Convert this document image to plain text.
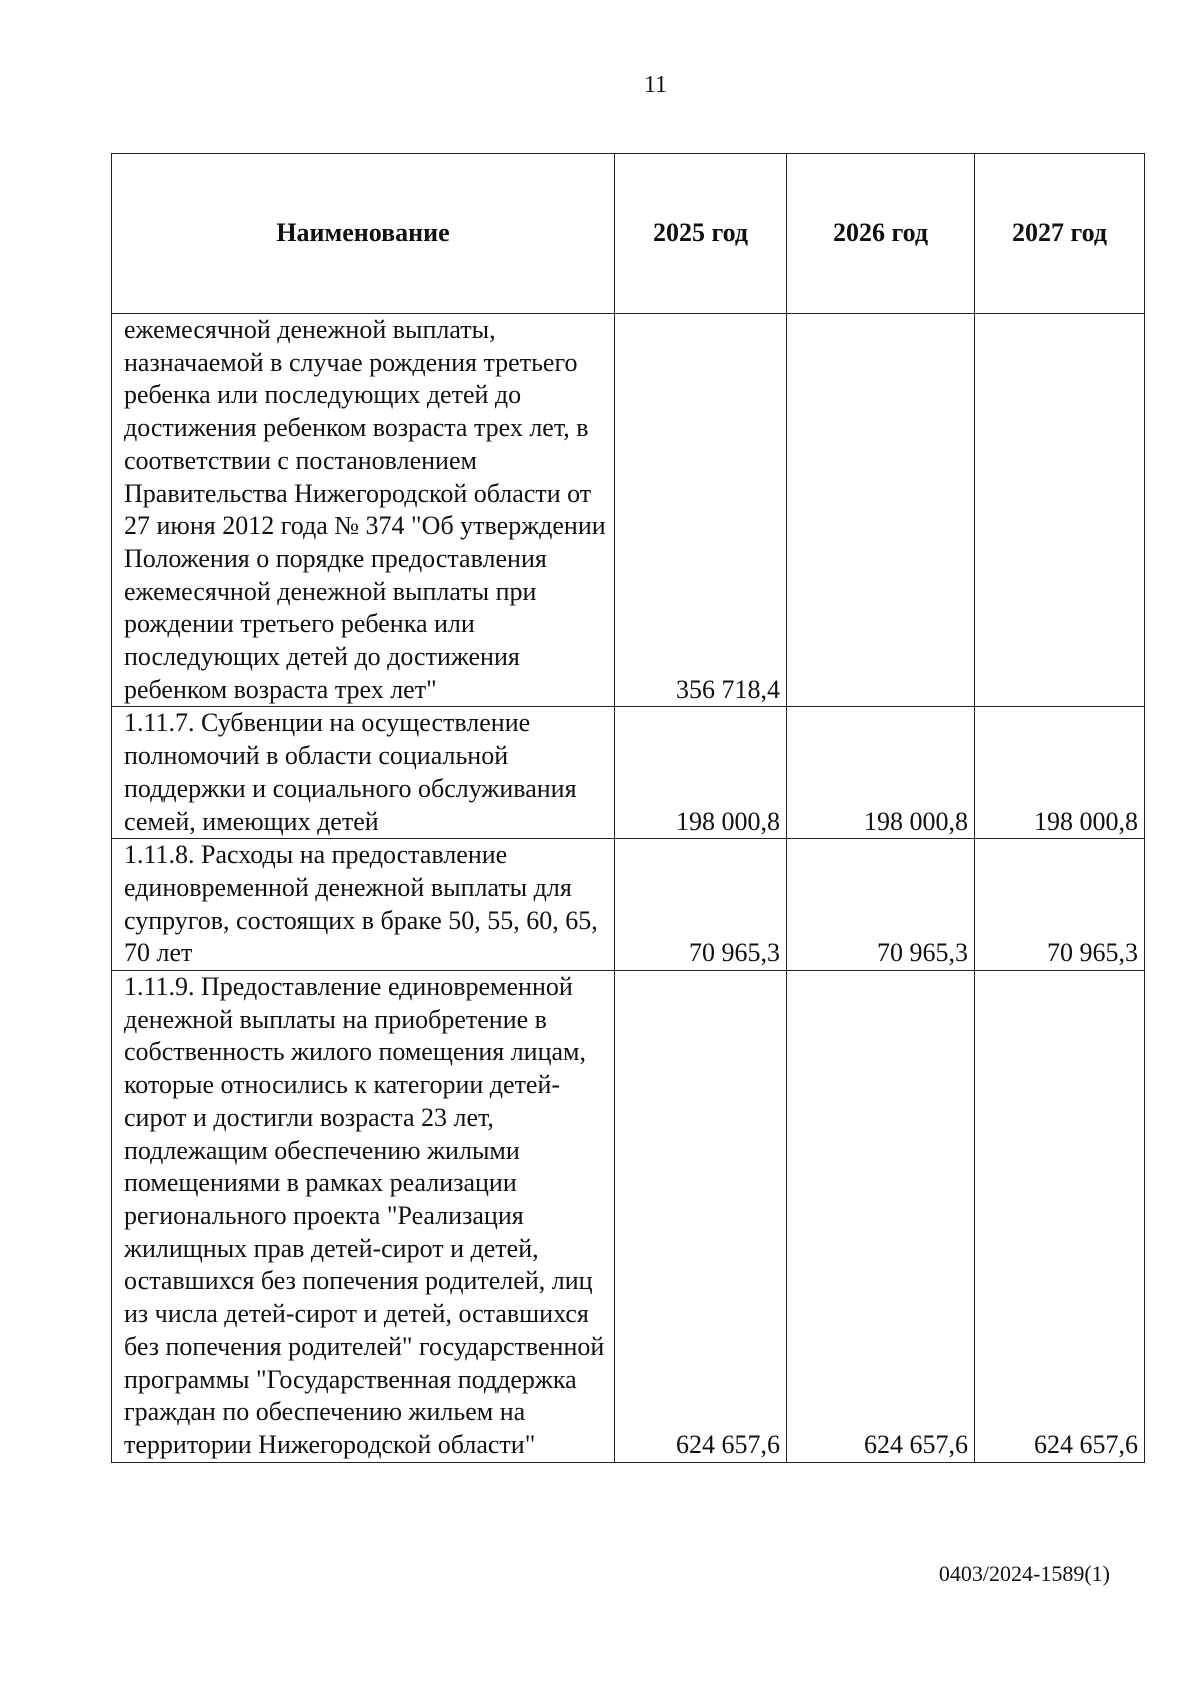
11
Наименование	2025 год	2026 год	2027 год
ежемесячной денежной выплаты, назначаемой в случае рождения третьего ребенка или последующих детей до достижения ребенком возраста трех лет, в соответствии с постановлением Правительства Нижегородской области от 27 июня 2012 года № 374 "Об утверждении Положения о порядке предоставления ежемесячной денежной выплаты при рождении третьего ребенка или последующих детей до достижения ребенком возраста трех лет"	356 718,4		
1.11.7. Субвенции на осуществление полномочий в области социальной поддержки и социального обслуживания семей, имеющих детей	198 000,8	198 000,8	198 000,8
1.11.8. Расходы на предоставление единовременной денежной выплаты для супругов, состоящих в браке 50, 55, 60, 65, 70 лет	70 965,3	70 965,3	70 965,3
1.11.9. Предоставление единовременной денежной выплаты на приобретение в собственность жилого помещения лицам, которые относились к категории детей-сирот и достигли возраста 23 лет, подлежащим обеспечению жилыми помещениями в рамках реализации регионального проекта "Реализация жилищных прав детей-сирот и детей, оставшихся без попечения родителей, лиц из числа детей-сирот и детей, оставшихся без попечения родителей" государственной программы "Государственная поддержка граждан по обеспечению жильем на территории Нижегородской области"	624 657,6	624 657,6	624 657,6
0403/2024-1589(1)
